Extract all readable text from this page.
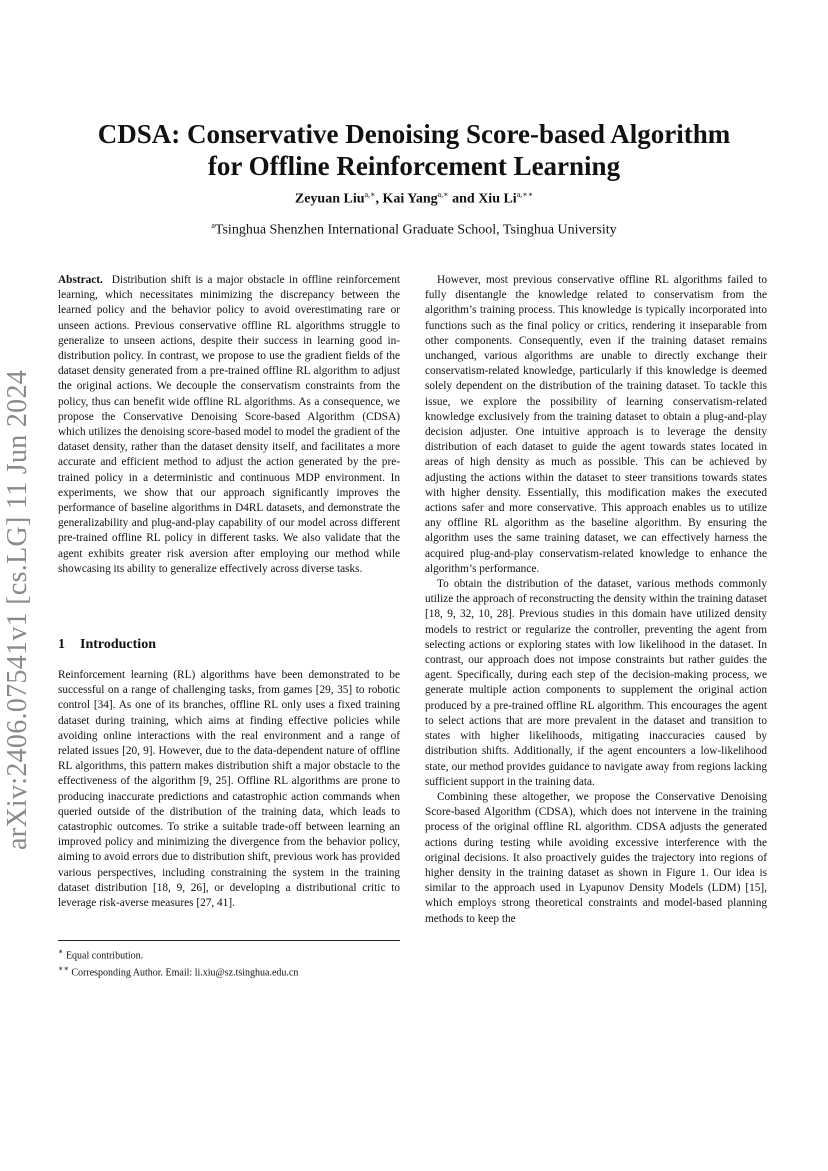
arXiv:2406.07541v1 [cs.LG] 11 Jun 2024
CDSA: Conservative Denoising Score-based Algorithm
for Offline Reinforcement Learning
Zeyuan Liu$^{a,∗}$, Kai Yang$^{a,∗}$ and Xiu $Li^{a,∗∗}$
$^a$Tsinghua Shenzhen International Graduate School, Tsinghua University

Abstract. Distribution shift is a major obstacle in offline reinforcement learning, which necessitates minimizing the discrepancy between the learned policy and the behavior policy to avoid overestimating rare or unseen actions. Previous conservative offline RL algorithms struggle to generalize to unseen actions, despite their success in learning good in-distribution policy. In contrast, we propose to use the gradient fields of the dataset density generated from a pre-trained offline RL algorithm to adjust the original actions. We decouple the conservatism constraints from the policy, thus can benefit wide offline RL algorithms. As a consequence, we propose the Conservative Denoising Score-based Algorithm (CDSA) which utilizes the denoising score-based model to model the gradient of the dataset density, rather than the dataset density itself, and facilitates a more accurate and efficient method to adjust the action generated by the pre-trained policy in a deterministic and continuous MDP environment. In experiments, we show that our approach significantly improves the performance of baseline algorithms in D4RL datasets, and demonstrate the generalizability and plug-and-play capability of our model across different pre-trained offline RL policy in different tasks. We also validate that the agent exhibits greater risk aversion after employing our method while showcasing its ability to generalize effectively across diverse tasks.

1 Introduction

Reinforcement learning (RL) algorithms have been demonstrated to be successful on a range of challenging tasks, from games [29, 35] to robotic control [34]. As one of its branches, offline RL only uses a fixed training dataset during training, which aims at finding effective policies while avoiding online interactions with the real environment and a range of related issues [20, 9]. However, due to the data-dependent nature of offline RL algorithms, this pattern makes distribution shift a major obstacle to the effectiveness of the algorithm [9, 25]. Offline RL algorithms are prone to producing inaccurate predictions and catastrophic action commands when queried outside of the distribution of the training data, which leads to catastrophic outcomes. To strike a suitable trade-off between learning an improved policy and minimizing the divergence from the behavior policy, aiming to avoid errors due to distribution shift, previous work has provided various perspectives, including constraining the system in the training dataset distribution [18, 9, 26], or developing a distributional critic to leverage risk-averse measures [27, 41].

∗ Equal contribution.
∗∗ Corresponding Author. Email: li.xiu@sz.tsinghua.edu.cn

However, most previous conservative offline RL algorithms failed to fully disentangle the knowledge related to conservatism from the algorithm’s training process. This knowledge is typically incorporated into functions such as the final policy or critics, rendering it inseparable from other components. Consequently, even if the training dataset remains unchanged, various algorithms are unable to directly exchange their conservatism-related knowledge, particularly if this knowledge is deemed solely dependent on the distribution of the training dataset. To tackle this issue, we explore the possibility of learning conservatism-related knowledge exclusively from the training dataset to obtain a plug-and-play decision adjuster. One intuitive approach is to leverage the density distribution of each dataset to guide the agent towards states located in areas of high density as much as possible. This can be achieved by adjusting the actions within the dataset to steer transitions towards states with higher density. Essentially, this modification makes the executed actions safer and more conservative. This approach enables us to utilize any offline RL algorithm as the baseline algorithm. By ensuring the algorithm uses the same training dataset, we can effectively harness the acquired plug-and-play conservatism-related knowledge to enhance the algorithm’s performance.

To obtain the distribution of the dataset, various methods commonly utilize the approach of reconstructing the density within the training dataset [18, 9, 32, 10, 28]. Previous studies in this domain have utilized density models to restrict or regularize the controller, preventing the agent from selecting actions or exploring states with low likelihood in the dataset. In contrast, our approach does not impose constraints but rather guides the agent. Specifically, during each step of the decision-making process, we generate multiple action components to supplement the original action produced by a pre-trained offline RL algorithm. This encourages the agent to select actions that are more prevalent in the dataset and transition to states with higher likelihoods, mitigating inaccuracies caused by distribution shifts. Additionally, if the agent encounters a low-likelihood state, our method provides guidance to navigate away from regions lacking sufficient support in the training data.

Combining these altogether, we propose the Conservative Denoising Score-based Algorithm (CDSA), which does not intervene in the training process of the original offline RL algorithm. CDSA adjusts the generated actions during testing while avoiding excessive interference with the original decisions. It also proactively guides the trajectory into regions of higher density in the training dataset as shown in Figure 1. Our idea is similar to the approach used in Lyapunov Density Models (LDM) [15], which employs strong theoretical constraints and model-based planning methods to keep the
